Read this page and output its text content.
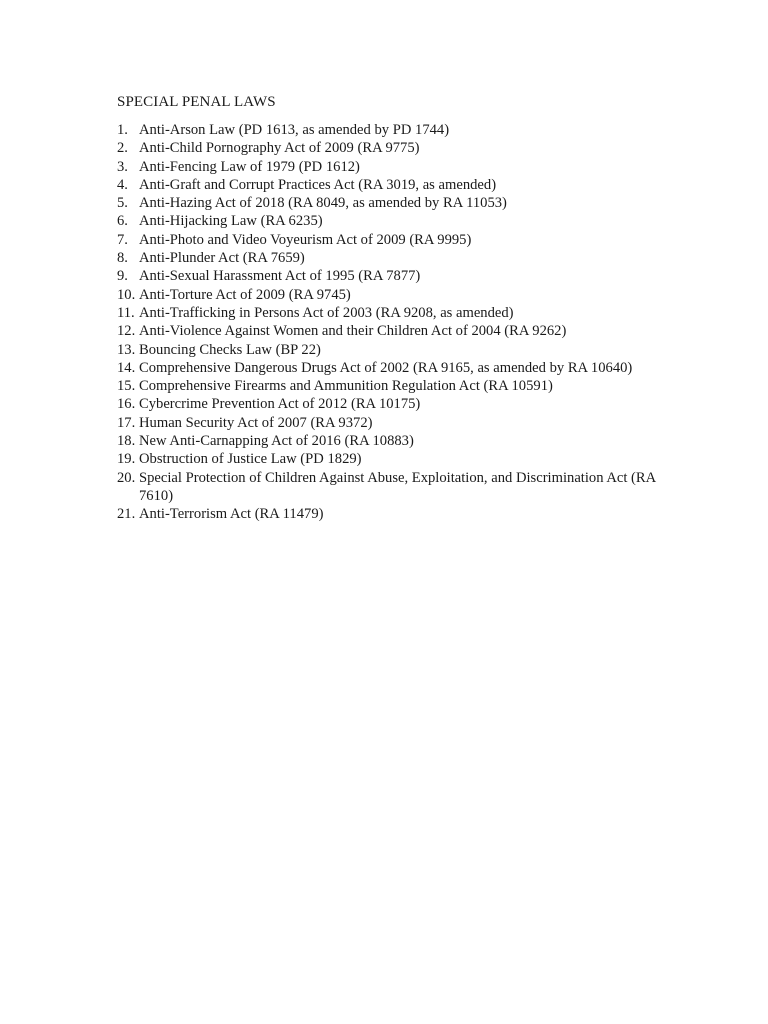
SPECIAL PENAL LAWS
1. Anti-Arson Law (PD 1613, as amended by PD 1744)
2. Anti-Child Pornography Act of 2009 (RA 9775)
3. Anti-Fencing Law of 1979 (PD 1612)
4. Anti-Graft and Corrupt Practices Act (RA 3019, as amended)
5. Anti-Hazing Act of 2018 (RA 8049, as amended by RA 11053)
6. Anti-Hijacking Law (RA 6235)
7. Anti-Photo and Video Voyeurism Act of 2009 (RA 9995)
8. Anti-Plunder Act (RA 7659)
9. Anti-Sexual Harassment Act of 1995 (RA 7877)
10. Anti-Torture Act of 2009 (RA 9745)
11. Anti-Trafficking in Persons Act of 2003 (RA 9208, as amended)
12. Anti-Violence Against Women and their Children Act of 2004 (RA 9262)
13. Bouncing Checks Law (BP 22)
14. Comprehensive Dangerous Drugs Act of 2002 (RA 9165, as amended by RA 10640)
15. Comprehensive Firearms and Ammunition Regulation Act (RA 10591)
16. Cybercrime Prevention Act of 2012 (RA 10175)
17. Human Security Act of 2007 (RA 9372)
18. New Anti-Carnapping Act of 2016 (RA 10883)
19. Obstruction of Justice Law (PD 1829)
20. Special Protection of Children Against Abuse, Exploitation, and Discrimination Act (RA 7610)
21. Anti-Terrorism Act (RA 11479)
